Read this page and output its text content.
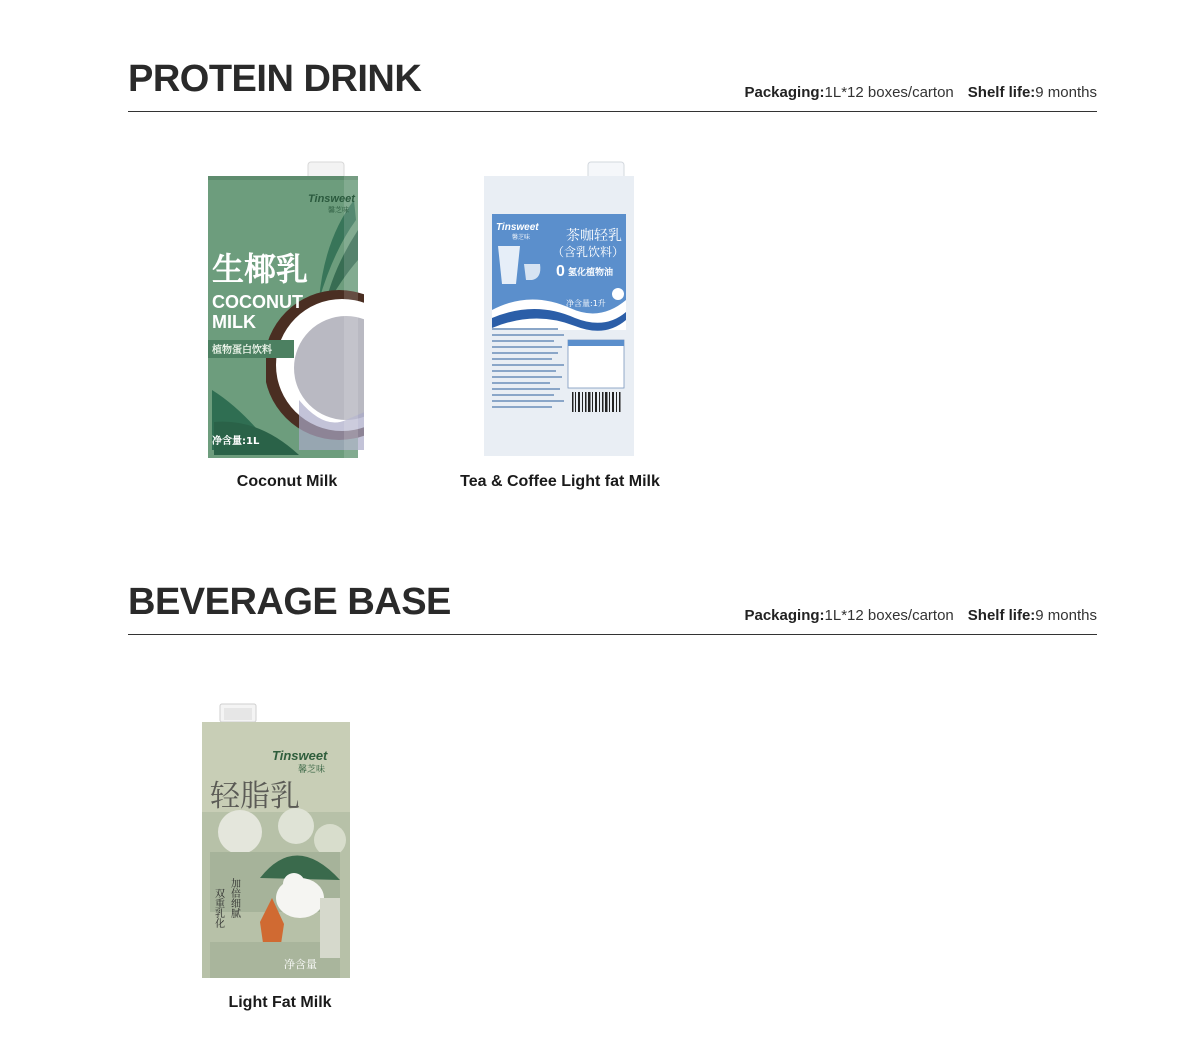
PROTEIN DRINK	Packaging:1L*12 boxes/carton Shelf life:9 months
Tinsweet
馨芝味
生椰乳
COCONUT
MILK
植物蛋白饮料
净含量:1L
Coconut Milk
Tinsweet
馨芝味	茶咖轻乳
（含乳饮料）
0 氢化植物油
净含量:1升
Tea & Coffee Light fat Milk
BEVERAGE BASE	Packaging:1L*12 boxes/carton Shelf life:9 months
Tinsweet
馨芝味
轻脂乳
双重乳化 加倍细腻
净含量
Light Fat Milk
